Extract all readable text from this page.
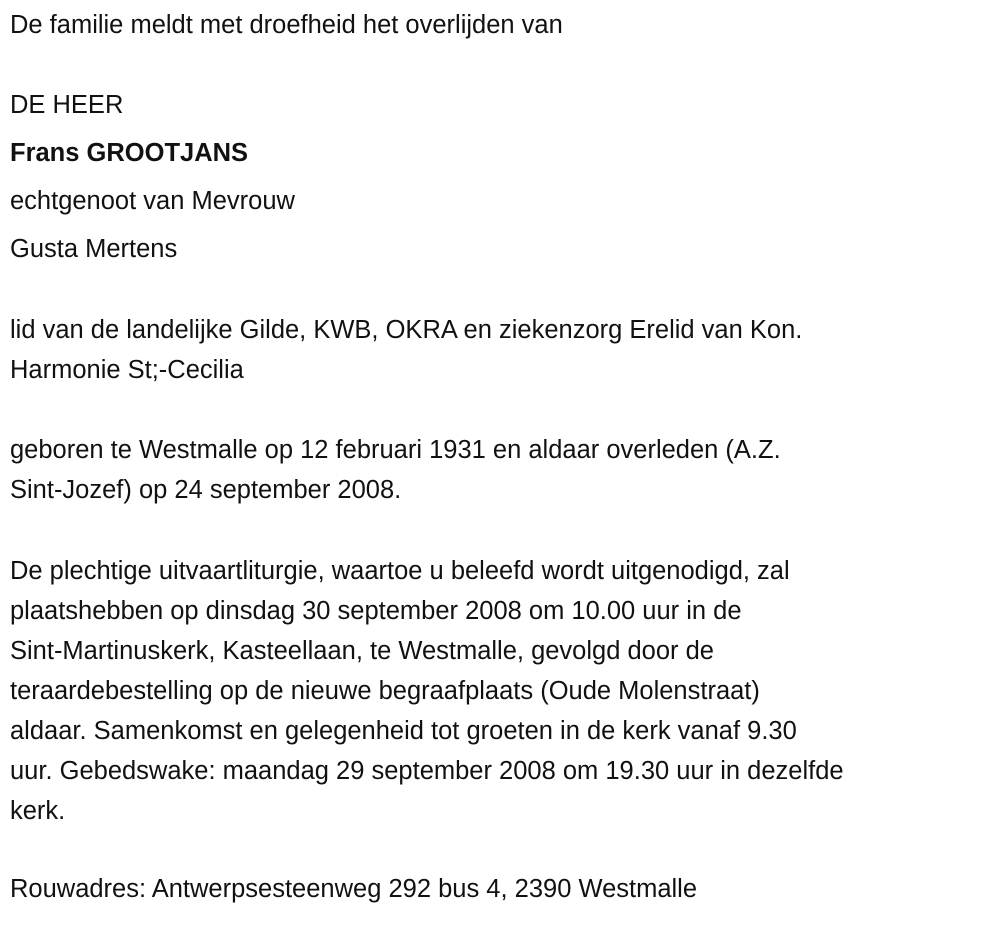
De familie meldt met droefheid het overlijden van
DE HEER
Frans GROOTJANS
echtgenoot van Mevrouw
Gusta Mertens
lid van de landelijke Gilde, KWB, OKRA en ziekenzorg Erelid van Kon.
Harmonie St;-Cecilia
geboren te Westmalle op 12 februari 1931 en aldaar overleden (A.Z.
Sint-Jozef) op 24 september 2008.
De plechtige uitvaartliturgie, waartoe u beleefd wordt uitgenodigd, zal
plaatshebben op dinsdag 30 september 2008 om 10.00 uur in de
Sint-Martinuskerk, Kasteellaan, te Westmalle, gevolgd door de
teraardebestelling op de nieuwe begraafplaats (Oude Molenstraat)
aldaar. Samenkomst en gelegenheid tot groeten in de kerk vanaf 9.30
uur. Gebedswake: maandag 29 september 2008 om 19.30 uur in dezelfde
kerk.
Rouwadres: Antwerpsesteenweg 292 bus 4, 2390 Westmalle
